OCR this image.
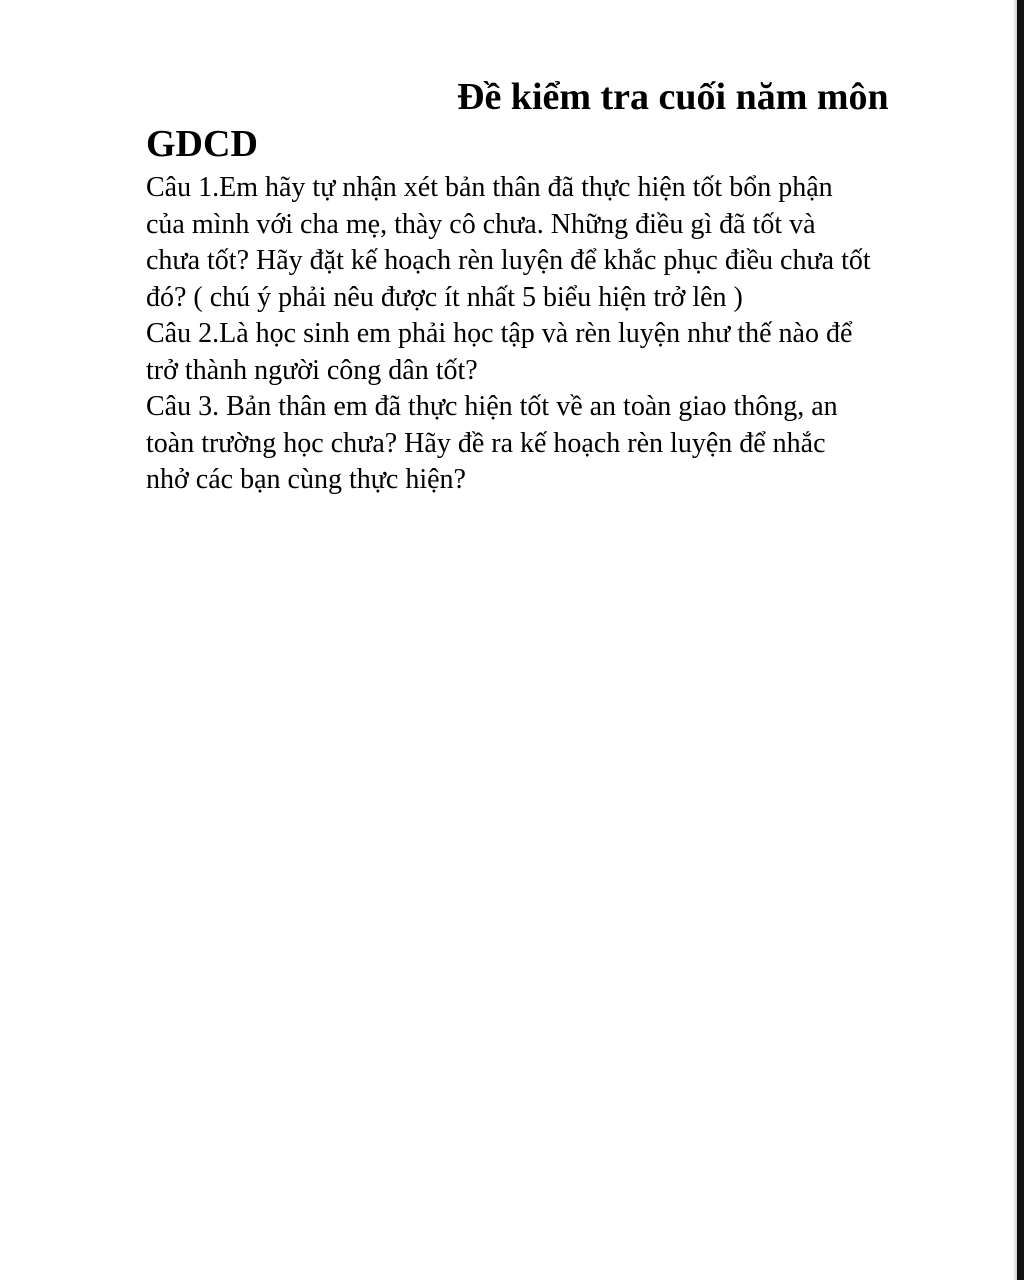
Đề kiểm tra cuối năm môn
GDCD
Câu 1.Em hãy tự nhận xét bản thân đã thực hiện tốt bổn phận
của mình với cha mẹ, thày cô chưa. Những điều gì đã tốt và
chưa tốt? Hãy đặt kế hoạch rèn luyện để khắc phục điều chưa tốt
đó? ( chú ý phải nêu được ít nhất 5 biểu hiện trở lên )
Câu 2.Là học sinh em phải học tập và rèn luyện như thế nào để
trở thành người công dân tốt?
Câu 3. Bản thân em đã thực hiện tốt về an toàn giao thông, an
toàn trường học chưa? Hãy đề ra kế hoạch rèn luyện để nhắc
nhở các bạn cùng thực hiện?
